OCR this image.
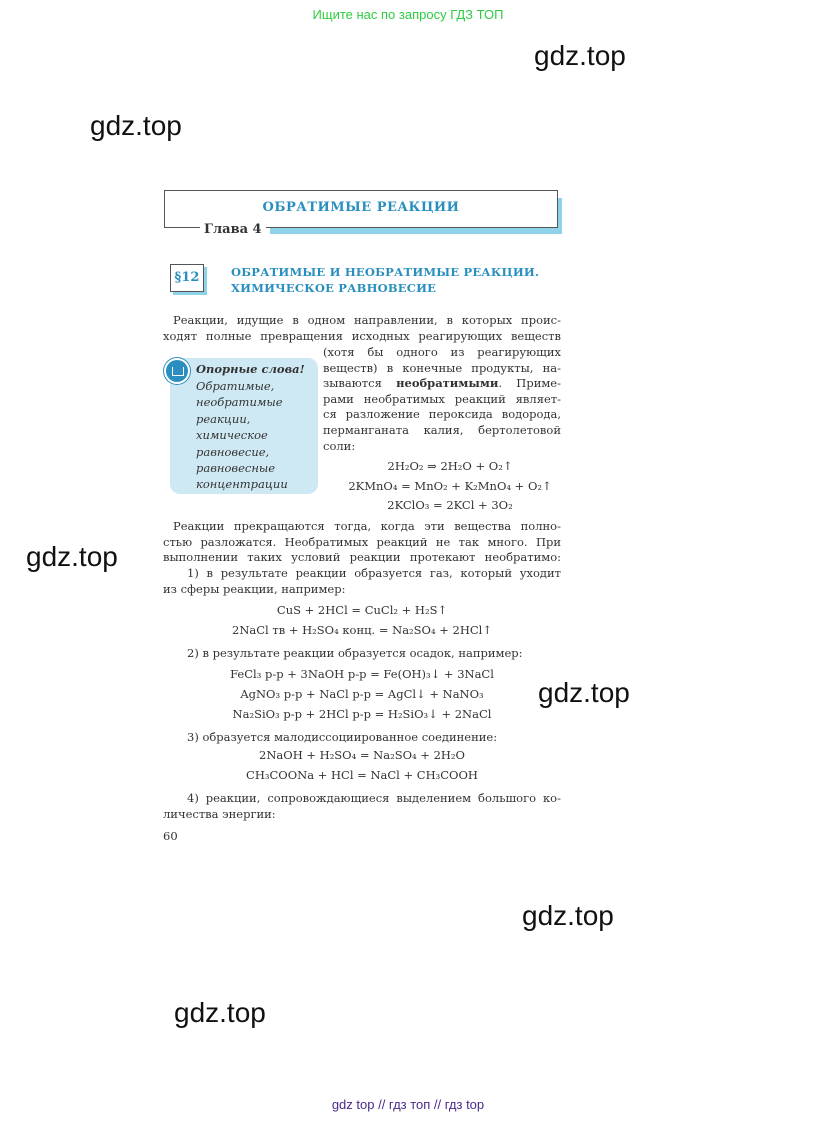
Ищите нас по запросу ГДЗ ТОП
gdz.top
gdz.top
gdz.top
gdz.top
gdz.top
gdz.top
ОБРАТИМЫЕ РЕАКЦИИ
Глава 4
§12	ОБРАТИМЫЕ И НЕОБРАТИМЫЕ РЕАКЦИИ.
ХИМИЧЕСКОЕ РАВНОВЕСИЕ
Реакции, идущие в одном направлении, в которых проис-
ходят полные превращения исходных реагирующих веществ
(хотя бы одного из реагирующих
веществ) в конечные продукты, на-
зываются необратимыми. Приме-
рами необратимых реакций являет-
ся разложение пероксида водорода,
перманганата калия, бертолетовой
соли:
Опорные слова!
Обратимые,
необратимые
реакции,
химическое
равновесие,
равновесные
концентрации
2H₂O₂ ⇒ 2H₂O + O₂↑
2KMnO₄ = MnO₂ + K₂MnO₄ + O₂↑
2KClO₃ = 2KCl + 3O₂
Реакции прекращаются тогда, когда эти вещества полно-
стью разложатся. Необратимых реакций не так много. При
выполнении таких условий реакции протекают необратимо:
1) в результате реакции образуется газ, который уходит
из сферы реакции, например:
CuS + 2HCl = CuCl₂ + H₂S↑
2NaCl тв + H₂SO₄ конц. = Na₂SO₄ + 2HCl↑
2) в результате реакции образуется осадок, например:
FeCl₃ р-р + 3NaOH р-р = Fe(OH)₃↓ + 3NaCl
AgNO₃ р-р + NaCl р-р = AgCl↓ + NaNO₃
Na₂SiO₃ р-р + 2HCl р-р = H₂SiO₃↓ + 2NaCl
3) образуется малодиссоциированное соединение:
2NaOH + H₂SO₄ = Na₂SO₄ + 2H₂O
CH₃COONa + HCl = NaCl + CH₃COOH
4) реакции, сопровождающиеся выделением большого ко-
личества энергии:
60
gdz top // гдз топ // гдз top
